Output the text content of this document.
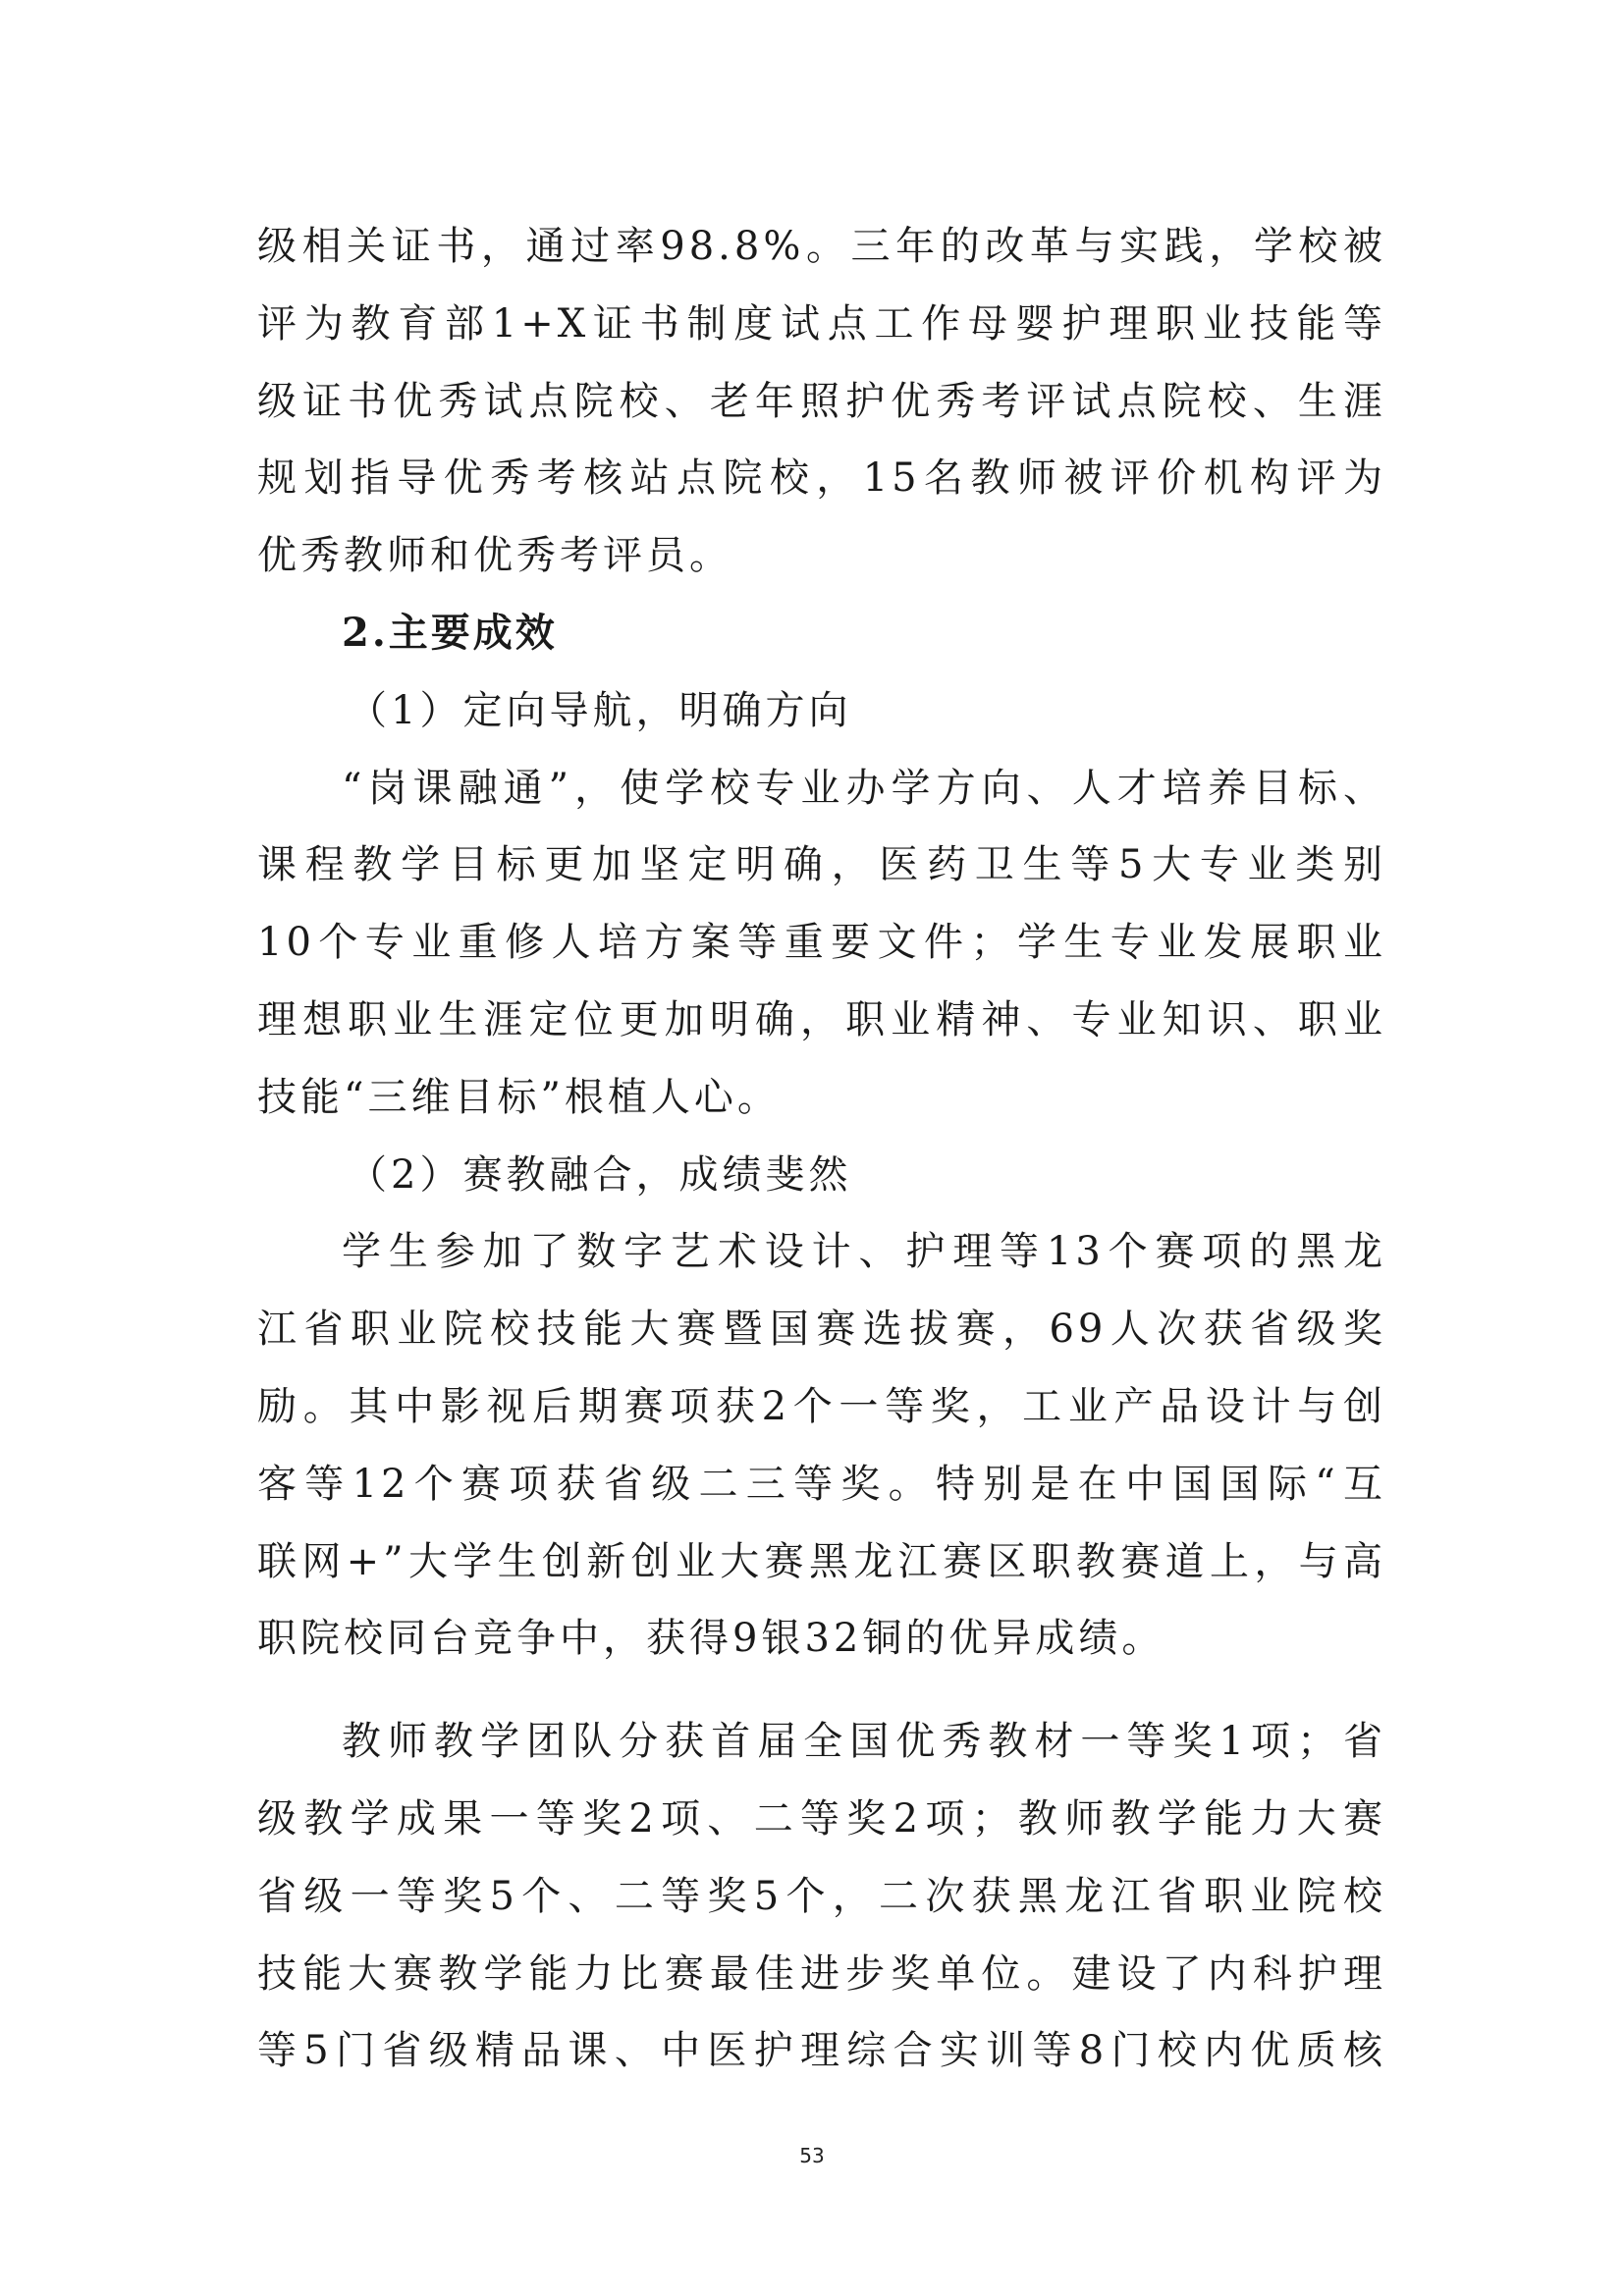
级相关证书，通过率98.8%。三年的改革与实践，学校被
评为教育部1+X证书制度试点工作母婴护理职业技能等
级证书优秀试点院校、老年照护优秀考评试点院校、生涯
规划指导优秀考核站点院校，15名教师被评价机构评为
优秀教师和优秀考评员。
2.主要成效
（1）定向导航，明确方向
“岗课融通”，使学校专业办学方向、人才培养目标、
课程教学目标更加坚定明确，医药卫生等5大专业类别
10个专业重修人培方案等重要文件；学生专业发展职业
理想职业生涯定位更加明确，职业精神、专业知识、职业
技能“三维目标”根植人心。
（2）赛教融合，成绩斐然
学生参加了数字艺术设计、护理等13个赛项的黑龙
江省职业院校技能大赛暨国赛选拔赛，69人次获省级奖
励。其中影视后期赛项获2个一等奖，工业产品设计与创
客等12个赛项获省级二三等奖。特别是在中国国际“互
联网+”大学生创新创业大赛黑龙江赛区职教赛道上，与高
职院校同台竞争中，获得9银32铜的优异成绩。
教师教学团队分获首届全国优秀教材一等奖1项；省
级教学成果一等奖2项、二等奖2项；教师教学能力大赛
省级一等奖5个、二等奖5个，二次获黑龙江省职业院校
技能大赛教学能力比赛最佳进步奖单位。建设了内科护理
等5门省级精品课、中医护理综合实训等8门校内优质核
53
